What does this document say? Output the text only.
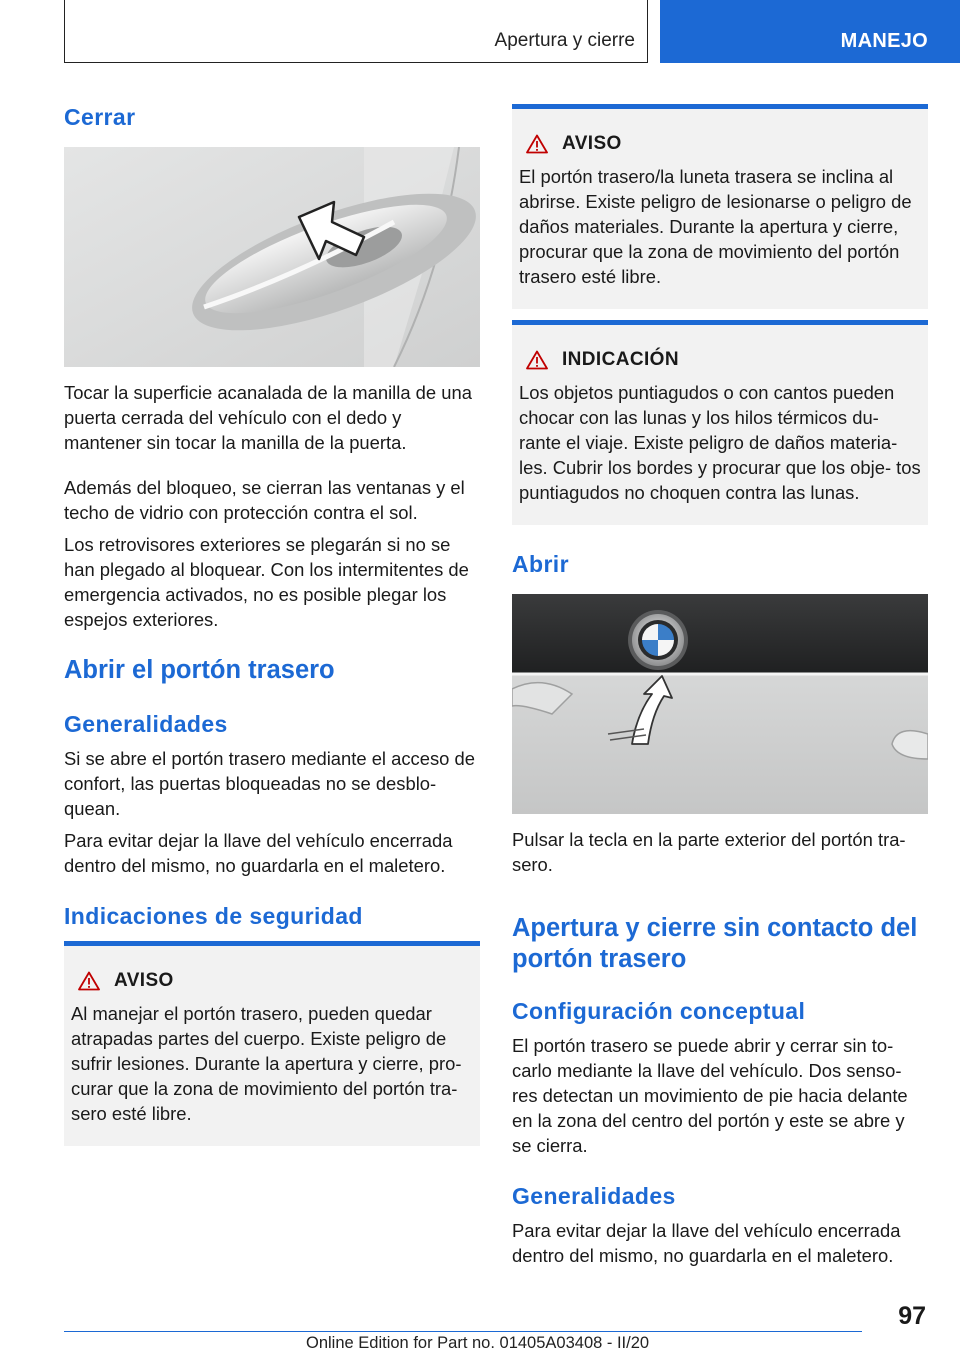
Apertura y cierre	MANEJO
Cerrar

Tocar la superficie acanalada de la manilla de una puerta cerrada del vehículo con el dedo y mantener sin tocar la manilla de la puerta.

Además del bloqueo, se cierran las ventanas y el techo de vidrio con protección contra el sol.

Los retrovisores exteriores se plegarán si no se han plegado al bloquear. Con los intermitentes de emergencia activados, no es posible plegar los espejos exteriores.

Abrir el portón trasero
Generalidades

Si se abre el portón trasero mediante el acceso de confort, las puertas bloqueadas no se desblo‐ quean.

Para evitar dejar la llave del vehículo encerrada dentro del mismo, no guardarla en el maletero.

Indicaciones de seguridad
AVISO

Al manejar el portón trasero, pueden quedar atrapadas partes del cuerpo. Existe peligro de sufrir lesiones. Durante la apertura y cierre, pro‐ curar que la zona de movimiento del portón tra‐ sero esté libre.

AVISO

El portón trasero/la luneta trasera se inclina al abrirse. Existe peligro de lesionarse o peligro de daños materiales. Durante la apertura y cierre, procurar que la zona de movimiento del portón trasero esté libre.

INDICACIÓN

Los objetos puntiagudos o con cantos pueden chocar con las lunas y los hilos térmicos du‐ rante el viaje. Existe peligro de daños materia‐ les. Cubrir los bordes y procurar que los obje‐ tos puntiagudos no choquen contra las lunas.

Abrir

Pulsar la tecla en la parte exterior del portón tra‐ sero.

Apertura y cierre sin contacto del portón trasero
Configuración conceptual

El portón trasero se puede abrir y cerrar sin to‐ carlo mediante la llave del vehículo. Dos senso‐ res detectan un movimiento de pie hacia delante en la zona del centro del portón y este se abre y se cierra.

Generalidades

Para evitar dejar la llave del vehículo encerrada dentro del mismo, no guardarla en el maletero.

97
Online Edition for Part no. 01405A03408 - II/20
